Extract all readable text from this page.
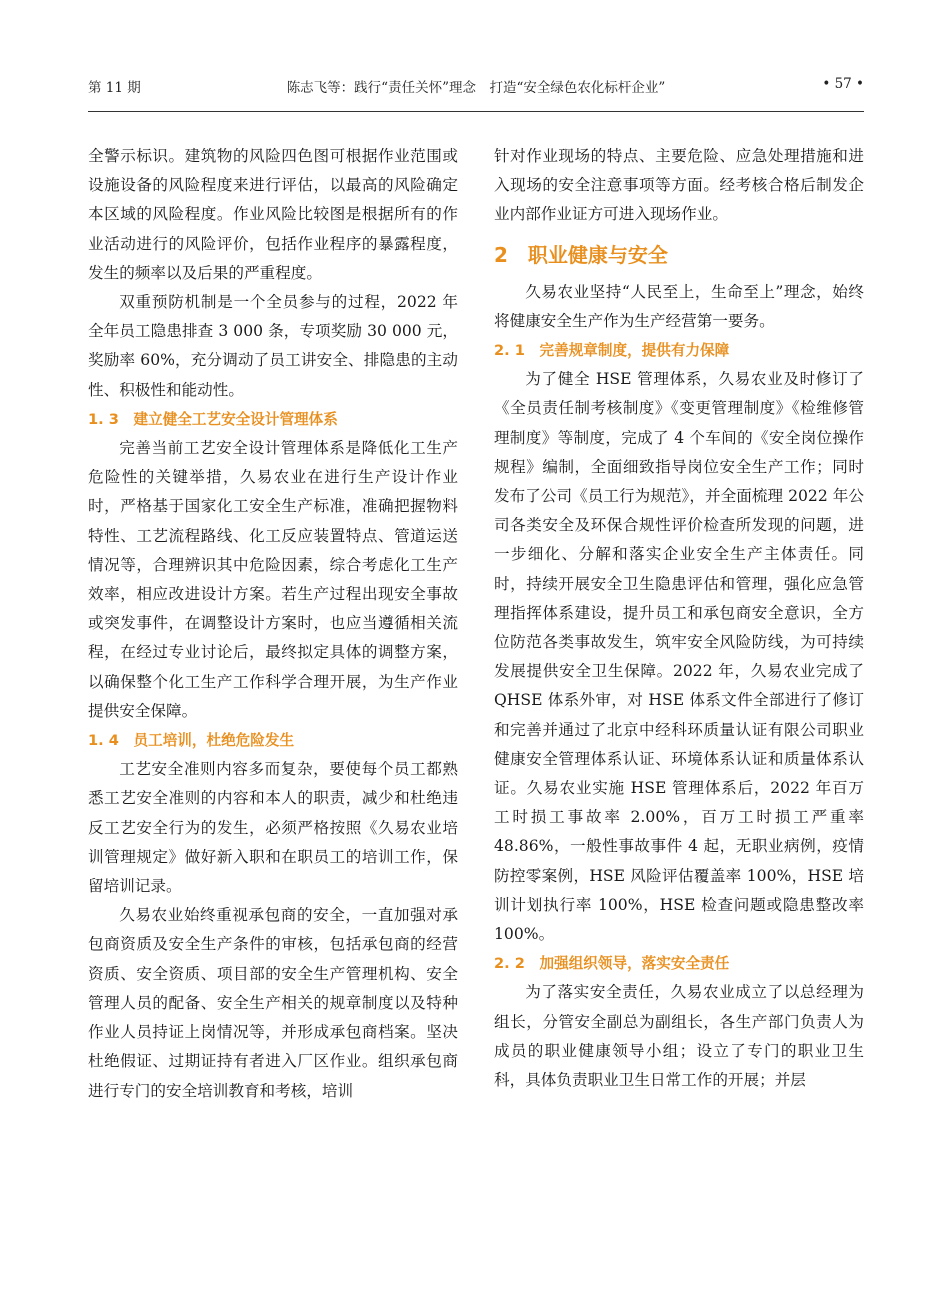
第 11 期	陈志飞等：践行“责任关怀”理念　打造“安全绿色农化标杆企业”	• 57 •

全警示标识。建筑物的风险四色图可根据作业范围或设施设备的风险程度来进行评估，以最高的风险确定本区域的风险程度。作业风险比较图是根据所有的作业活动进行的风险评价，包括作业程序的暴露程度，发生的频率以及后果的严重程度。

双重预防机制是一个全员参与的过程，2022 年全年员工隐患排查 3 000 条，专项奖励 30 000 元，奖励率 60%，充分调动了员工讲安全、排隐患的主动性、积极性和能动性。

1. 3　建立健全工艺安全设计管理体系

完善当前工艺安全设计管理体系是降低化工生产危险性的关键举措，久易农业在进行生产设计作业时，严格基于国家化工安全生产标准，准确把握物料特性、工艺流程路线、化工反应装置特点、管道运送情况等，合理辨识其中危险因素，综合考虑化工生产效率，相应改进设计方案。若生产过程出现安全事故或突发事件，在调整设计方案时，也应当遵循相关流程，在经过专业讨论后，最终拟定具体的调整方案，以确保整个化工生产工作科学合理开展，为生产作业提供安全保障。

1. 4　员工培训，杜绝危险发生

工艺安全准则内容多而复杂，要使每个员工都熟悉工艺安全准则的内容和本人的职责，减少和杜绝违反工艺安全行为的发生，必须严格按照《久易农业培训管理规定》做好新入职和在职员工的培训工作，保留培训记录。

久易农业始终重视承包商的安全，一直加强对承包商资质及安全生产条件的审核，包括承包商的经营资质、安全资质、项目部的安全生产管理机构、安全管理人员的配备、安全生产相关的规章制度以及特种作业人员持证上岗情况等，并形成承包商档案。坚决杜绝假证、过期证持有者进入厂区作业。组织承包商进行专门的安全培训教育和考核，培训

针对作业现场的特点、主要危险、应急处理措施和进入现场的安全注意事项等方面。经考核合格后制发企业内部作业证方可进入现场作业。

2　职业健康与安全

久易农业坚持“人民至上，生命至上”理念，始终将健康安全生产作为生产经营第一要务。

2. 1　完善规章制度，提供有力保障

为了健全 HSE 管理体系，久易农业及时修订了《全员责任制考核制度》《变更管理制度》《检维修管理制度》等制度，完成了 4 个车间的《安全岗位操作规程》编制，全面细致指导岗位安全生产工作；同时发布了公司《员工行为规范》，并全面梳理 2022 年公司各类安全及环保合规性评价检查所发现的问题，进一步细化、分解和落实企业安全生产主体责任。同时，持续开展安全卫生隐患评估和管理，强化应急管理指挥体系建设，提升员工和承包商安全意识，全方位防范各类事故发生，筑牢安全风险防线，为可持续发展提供安全卫生保障。2022 年，久易农业完成了 QHSE 体系外审，对 HSE 体系文件全部进行了修订和完善并通过了北京中经科环质量认证有限公司职业健康安全管理体系认证、环境体系认证和质量体系认证。久易农业实施 HSE 管理体系后，2022 年百万工时损工事故率 2.00%，百万工时损工严重率 48.86%，一般性事故事件 4 起，无职业病例，疫情防控零案例，HSE 风险评估覆盖率 100%，HSE 培训计划执行率 100%，HSE 检查问题或隐患整改率 100%。

2. 2　加强组织领导，落实安全责任

为了落实安全责任，久易农业成立了以总经理为组长，分管安全副总为副组长，各生产部门负责人为成员的职业健康领导小组；设立了专门的职业卫生科，具体负责职业卫生日常工作的开展；并层
